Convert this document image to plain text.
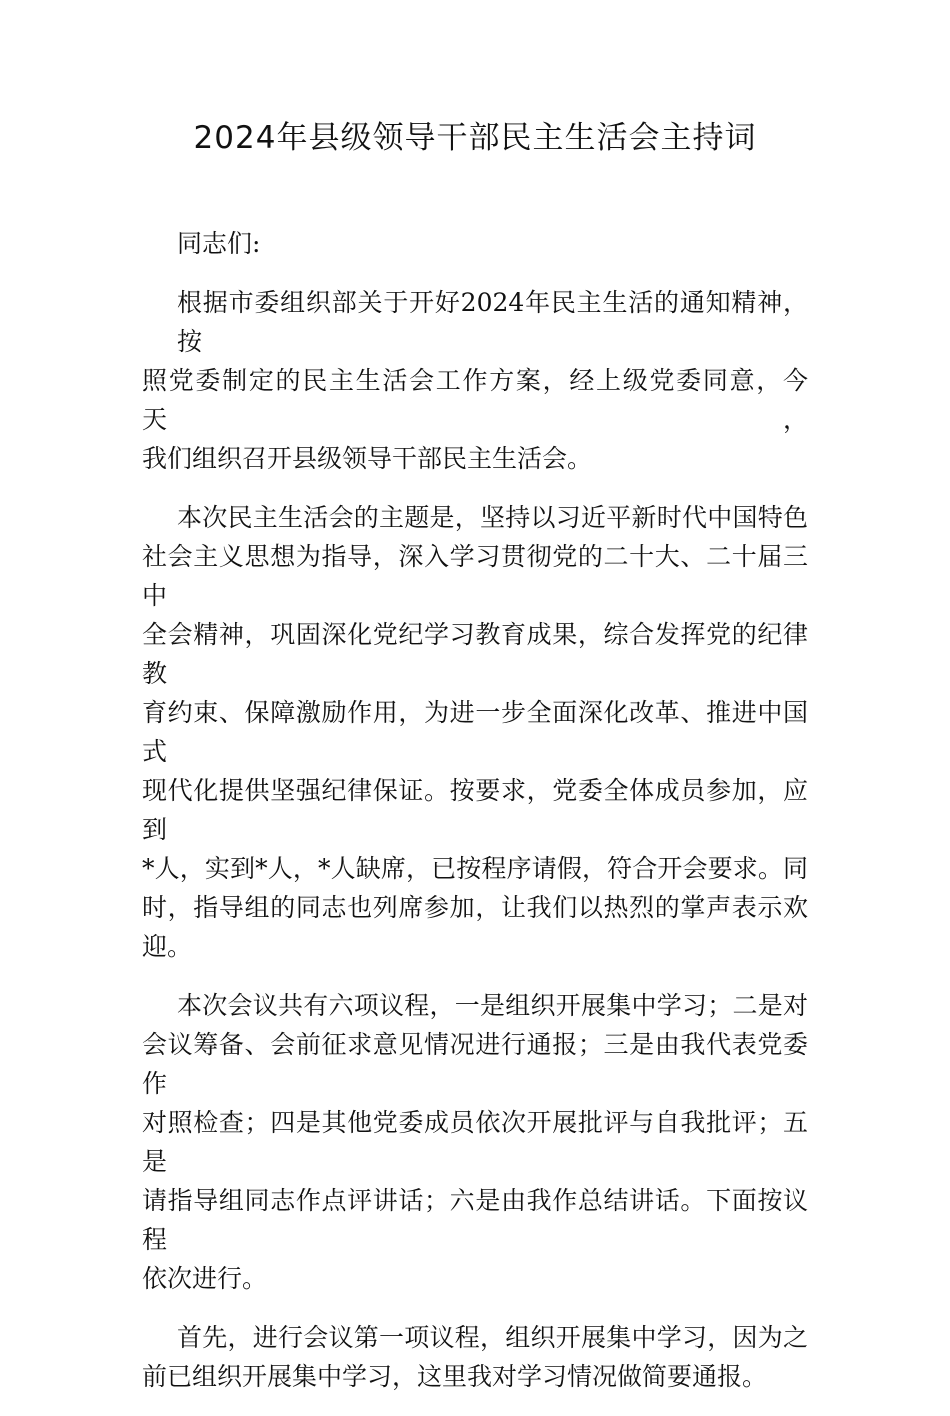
2024年县级领导干部民主生活会主持词
同志们:
根据市委组织部关于开好2024年民主生活的通知精神，按
照党委制定的民主生活会工作方案，经上级党委同意，今天，
我们组织召开县级领导干部民主生活会。
本次民主生活会的主题是，坚持以习近平新时代中国特色
社会主义思想为指导，深入学习贯彻党的二十大、二十届三中
全会精神，巩固深化党纪学习教育成果，综合发挥党的纪律教
育约束、保障激励作用，为进一步全面深化改革、推进中国式
现代化提供坚强纪律保证。按要求，党委全体成员参加，应到
*人，实到*人，*人缺席，已按程序请假，符合开会要求。同
时，指导组的同志也列席参加，让我们以热烈的掌声表示欢
迎。
本次会议共有六项议程，一是组织开展集中学习；二是对
会议筹备、会前征求意见情况进行通报；三是由我代表党委作
对照检查；四是其他党委成员依次开展批评与自我批评；五是
请指导组同志作点评讲话；六是由我作总结讲话。下面按议程
依次进行。
首先，进行会议第一项议程，组织开展集中学习，因为之
前已组织开展集中学习，这里我对学习情况做简要通报。
